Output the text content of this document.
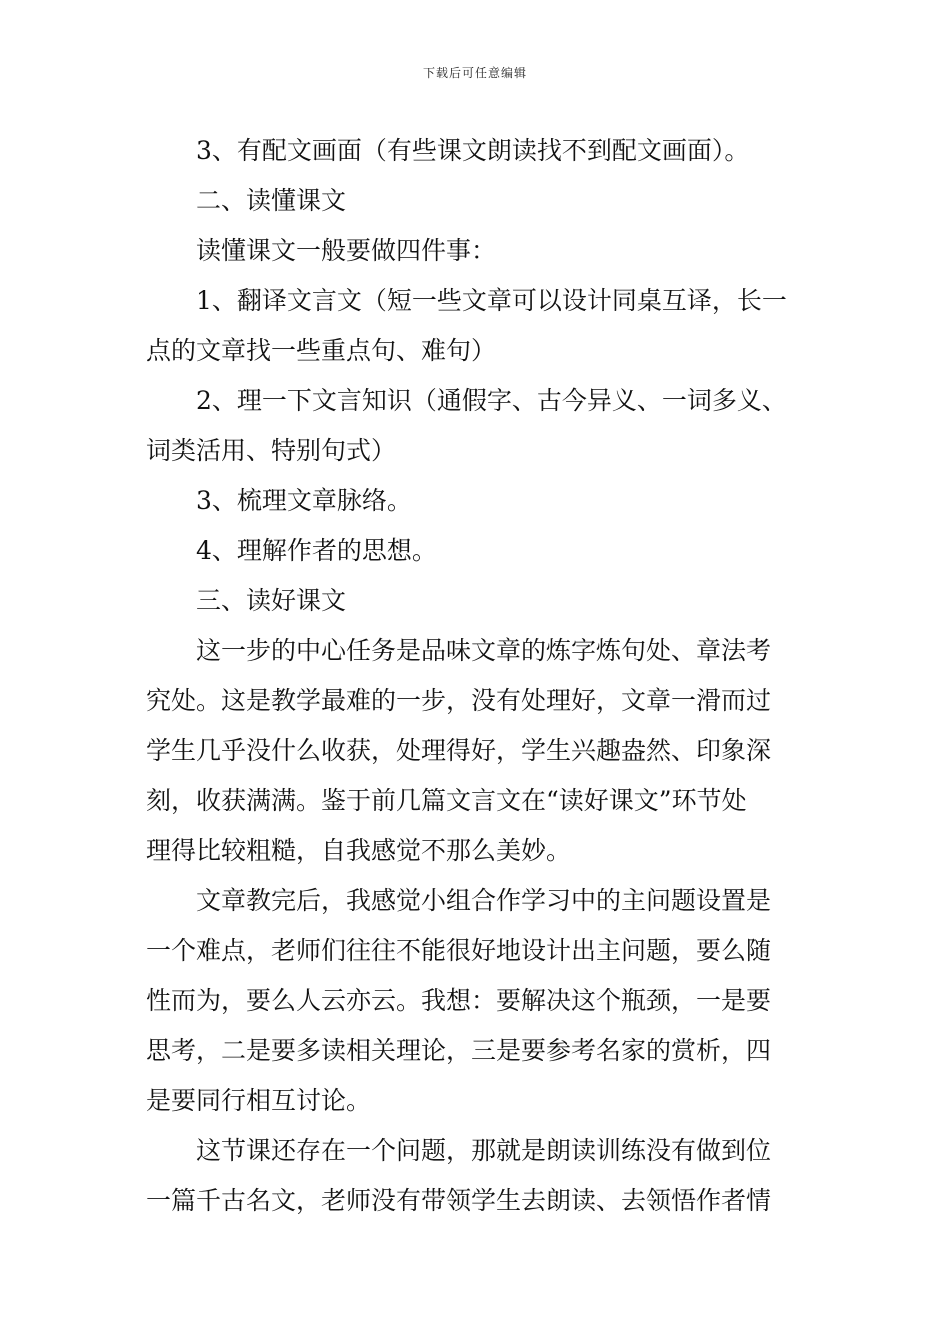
下载后可任意编辑
3、有配文画面（有些课文朗读找不到配文画面）。
二、读懂课文
读懂课文一般要做四件事：
1、翻译文言文（短一些文章可以设计同桌互译，长一
点的文章找一些重点句、难句）
2、理一下文言知识（通假字、古今异义、一词多义、
词类活用、特别句式）
3、梳理文章脉络。
4、理解作者的思想。
三、读好课文
这一步的中心任务是品味文章的炼字炼句处、章法考
究处。这是教学最难的一步，没有处理好，文章一滑而过
学生几乎没什么收获，处理得好，学生兴趣盎然、印象深
刻，收获满满。鉴于前几篇文言文在“读好课文”环节处
理得比较粗糙，自我感觉不那么美妙。
文章教完后，我感觉小组合作学习中的主问题设置是
一个难点，老师们往往不能很好地设计出主问题，要么随
性而为，要么人云亦云。我想：要解决这个瓶颈，一是要
思考，二是要多读相关理论，三是要参考名家的赏析，四
是要同行相互讨论。
这节课还存在一个问题，那就是朗读训练没有做到位
一篇千古名文，老师没有带领学生去朗读、去领悟作者情
